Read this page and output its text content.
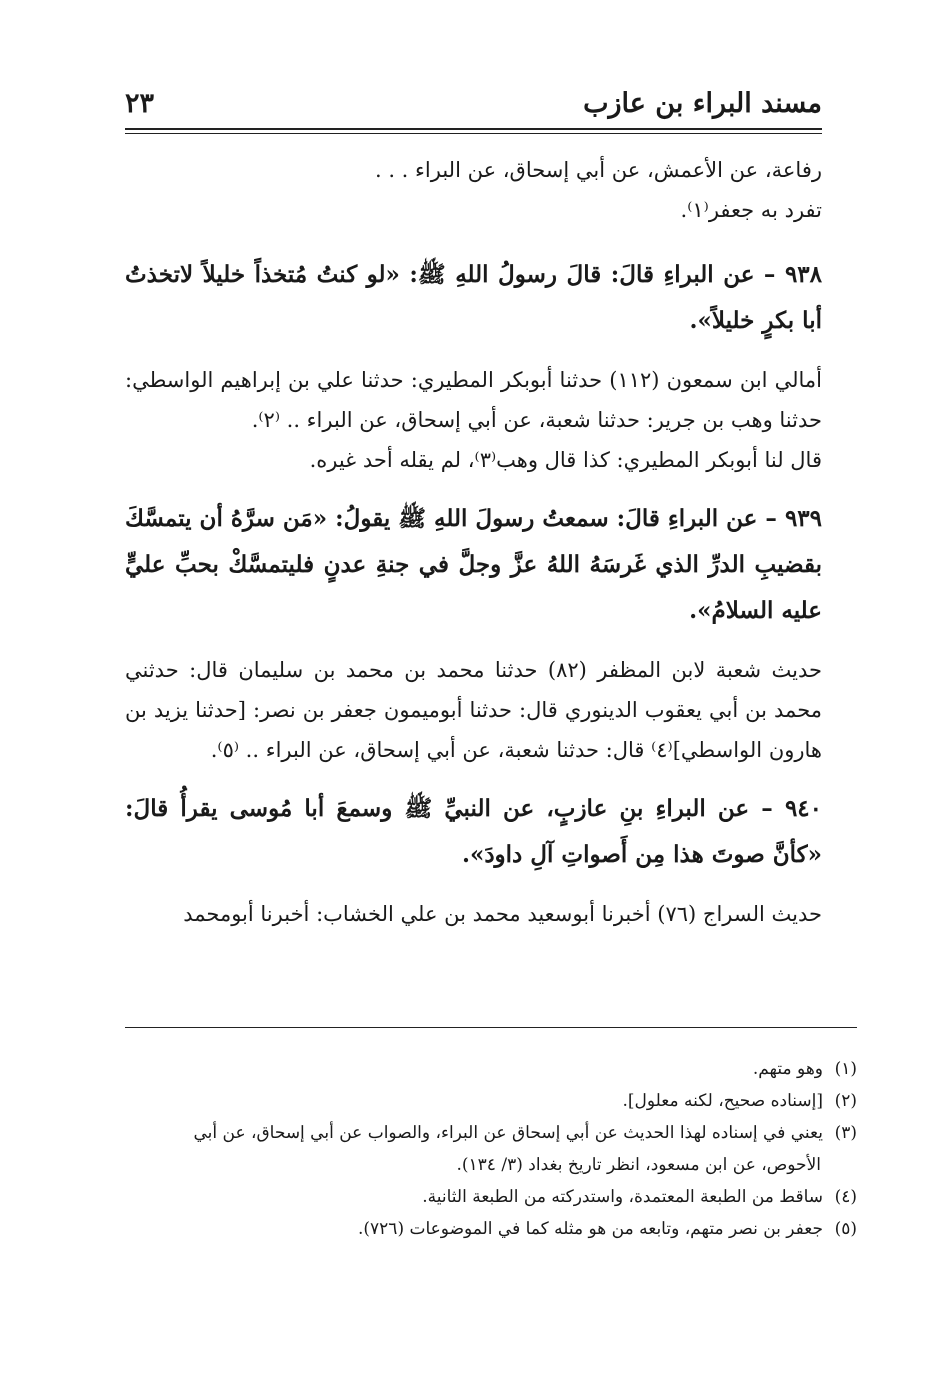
مسند البراء بن عازب
٢٣

رفاعة، عن الأعمش، عن أبي إسحاق، عن البراء . . .

تفرد به جعفر⁽١⁾.

٩٣٨ – عن البراءِ قالَ: قالَ رسولُ اللهِ ﷺ: «لو كنتُ مُتخذاً خليلاً لاتخذتُ أبا بكرٍ خليلاً».

أمالي ابن سمعون (١١٢) حدثنا أبوبكر المطيري: حدثنا علي بن إبراهيم الواسطي: حدثنا وهب بن جرير: حدثنا شعبة، عن أبي إسحاق، عن البراء .. ⁽٢⁾.

قال لنا أبوبكر المطيري: كذا قال وهب⁽٣⁾، لم يقله أحد غيره.

٩٣٩ – عن البراءِ قالَ: سمعتُ رسولَ اللهِ ﷺ يقولُ: «مَن سرَّهُ أن يتمسَّكَ بقضيبِ الدرِّ الذي غَرسَهُ اللهُ عزَّ وجلَّ في جنةِ عدنٍ فليتمسَّكْ بحبِّ عليٍّ عليه السلامُ».

حديث شعبة لابن المظفر (٨٢) حدثنا محمد بن محمد بن سليمان قال: حدثني محمد بن أبي يعقوب الدينوري قال: حدثنا أبوميمون جعفر بن نصر: [حدثنا يزيد بن هارون الواسطي]⁽٤⁾ قال: حدثنا شعبة، عن أبي إسحاق، عن البراء .. ⁽٥⁾.

٩٤٠ – عن البراءِ بنِ عازبٍ، عن النبيِّ ﷺ وسمعَ أبا مُوسى يقرأُ قالَ: «كأنَّ صوتَ هذا مِن أَصواتِ آلِ داودَ».

حديث السراج (٧٦) أخبرنا أبوسعيد محمد بن علي الخشاب: أخبرنا أبومحمد

(١)وهو متهم.

(٢)[إسناده صحيح، لكنه معلول].

(٣)يعني في إسناده لهذا الحديث عن أبي إسحاق عن البراء، والصواب عن أبي إسحاق، عن أبي

الأحوص، عن ابن مسعود، انظر تاريخ بغداد (٣/ ١٣٤).

(٤)ساقط من الطبعة المعتمدة، واستدركته من الطبعة الثانية.

(٥)جعفر بن نصر متهم، وتابعه من هو مثله كما في الموضوعات (٧٢٦).
